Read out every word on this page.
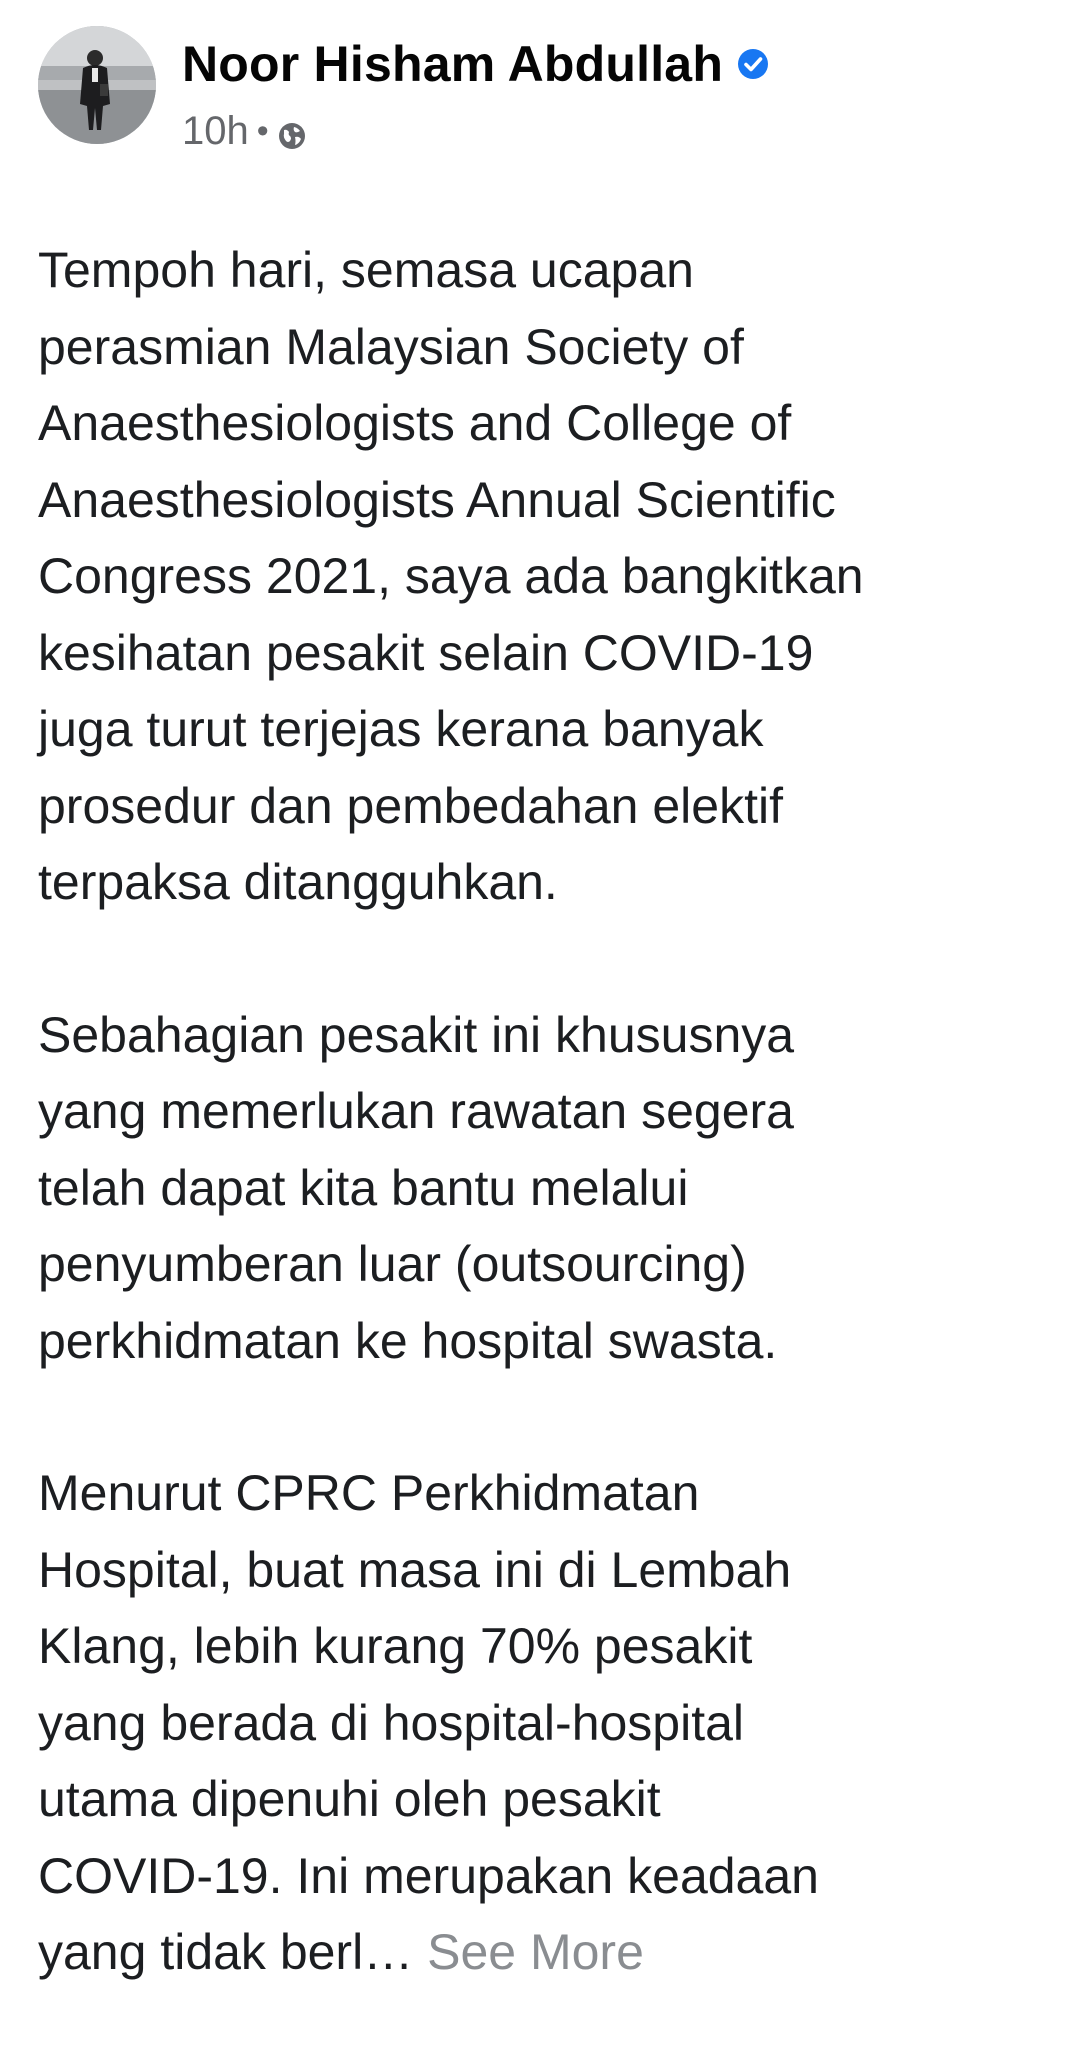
Noor Hisham Abdullah
10h •

Tempoh hari, semasa ucapan
perasmian Malaysian Society of
Anaesthesiologists and College of
Anaesthesiologists Annual Scientific
Congress 2021, saya ada bangkitkan
kesihatan pesakit selain COVID-19
juga turut terjejas kerana banyak
prosedur dan pembedahan elektif
terpaksa ditangguhkan.

Sebahagian pesakit ini khususnya
yang memerlukan rawatan segera
telah dapat kita bantu melalui
penyumberan luar (outsourcing)
perkhidmatan ke hospital swasta.

Menurut CPRC Perkhidmatan
Hospital, buat masa ini di Lembah
Klang, lebih kurang 70% pesakit
yang berada di hospital-hospital
utama dipenuhi oleh pesakit
COVID-19. Ini merupakan keadaan
yang tidak berl… See More
